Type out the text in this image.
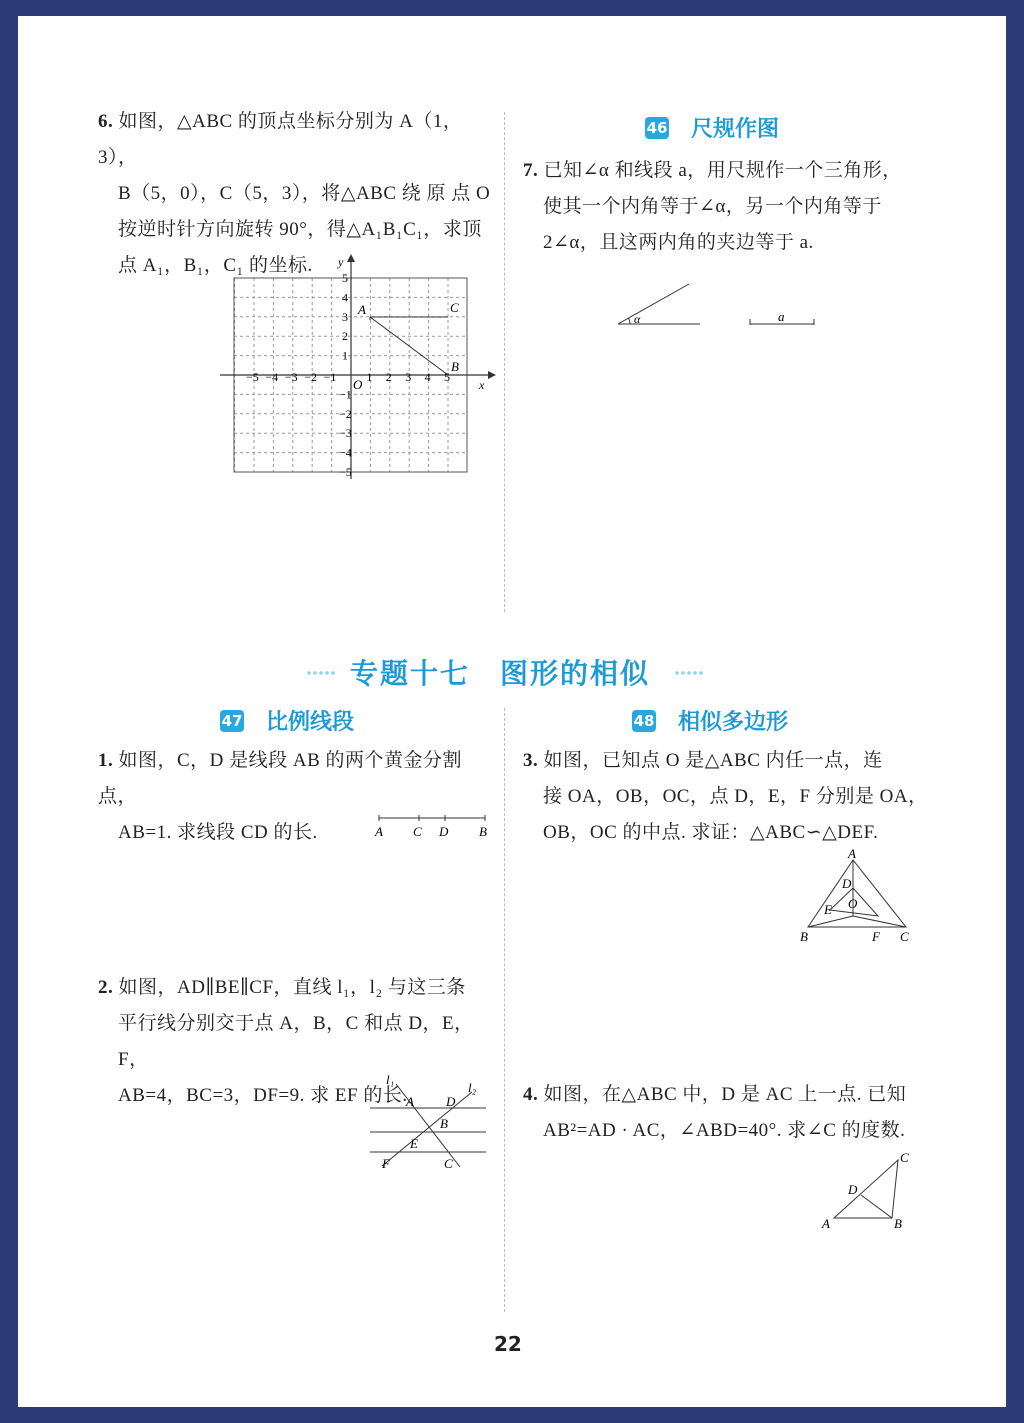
6. 如图，△ABC 的顶点坐标分别为 A（1，3），
B（5，0），C（5，3），将△ABC 绕 原 点 O
按逆时针方向旋转 90°，得△A₁B₁C₁，求顶
点 A₁，B₁，C₁ 的坐标.
B
C
A
O	x
y
−5 −4 −3 −2 −1	1 2 3 4 5
5
4
3
2
1
−1
−2
−3
−4
−5
46 尺规作图
7. 已知∠α 和线段 a，用尺规作一个三角形，
使其一个内角等于∠α，另一个内角等于
2∠α，且这两内角的夹边等于 a.
α	a
专题十七　图形的相似
47 比例线段	48 相似多边形
1. 如图，C，D 是线段 AB 的两个黄金分割点，
AB=1. 求线段 CD 的长.	A C D B
2. 如图，AD∥BE∥CF，直线 l₁，l₂ 与这三条
平行线分别交于点 A，B，C 和点 D，E，F，
AB=4，BC=3，DF=9. 求 EF 的长.
l₁
l₂
A D
B
E
F	C
3. 如图，已知点 O 是△ABC 内任一点，连
接 OA，OB，OC，点 D，E，F 分别是 OA，
OB，OC 的中点. 求证：△ABC∽△DEF.
A
D
E O
B	F C
4. 如图，在△ABC 中，D 是 AC 上一点. 已知
AB²=AD · AC，∠ABD=40°. 求∠C 的度数.
C
D
A	B
22
